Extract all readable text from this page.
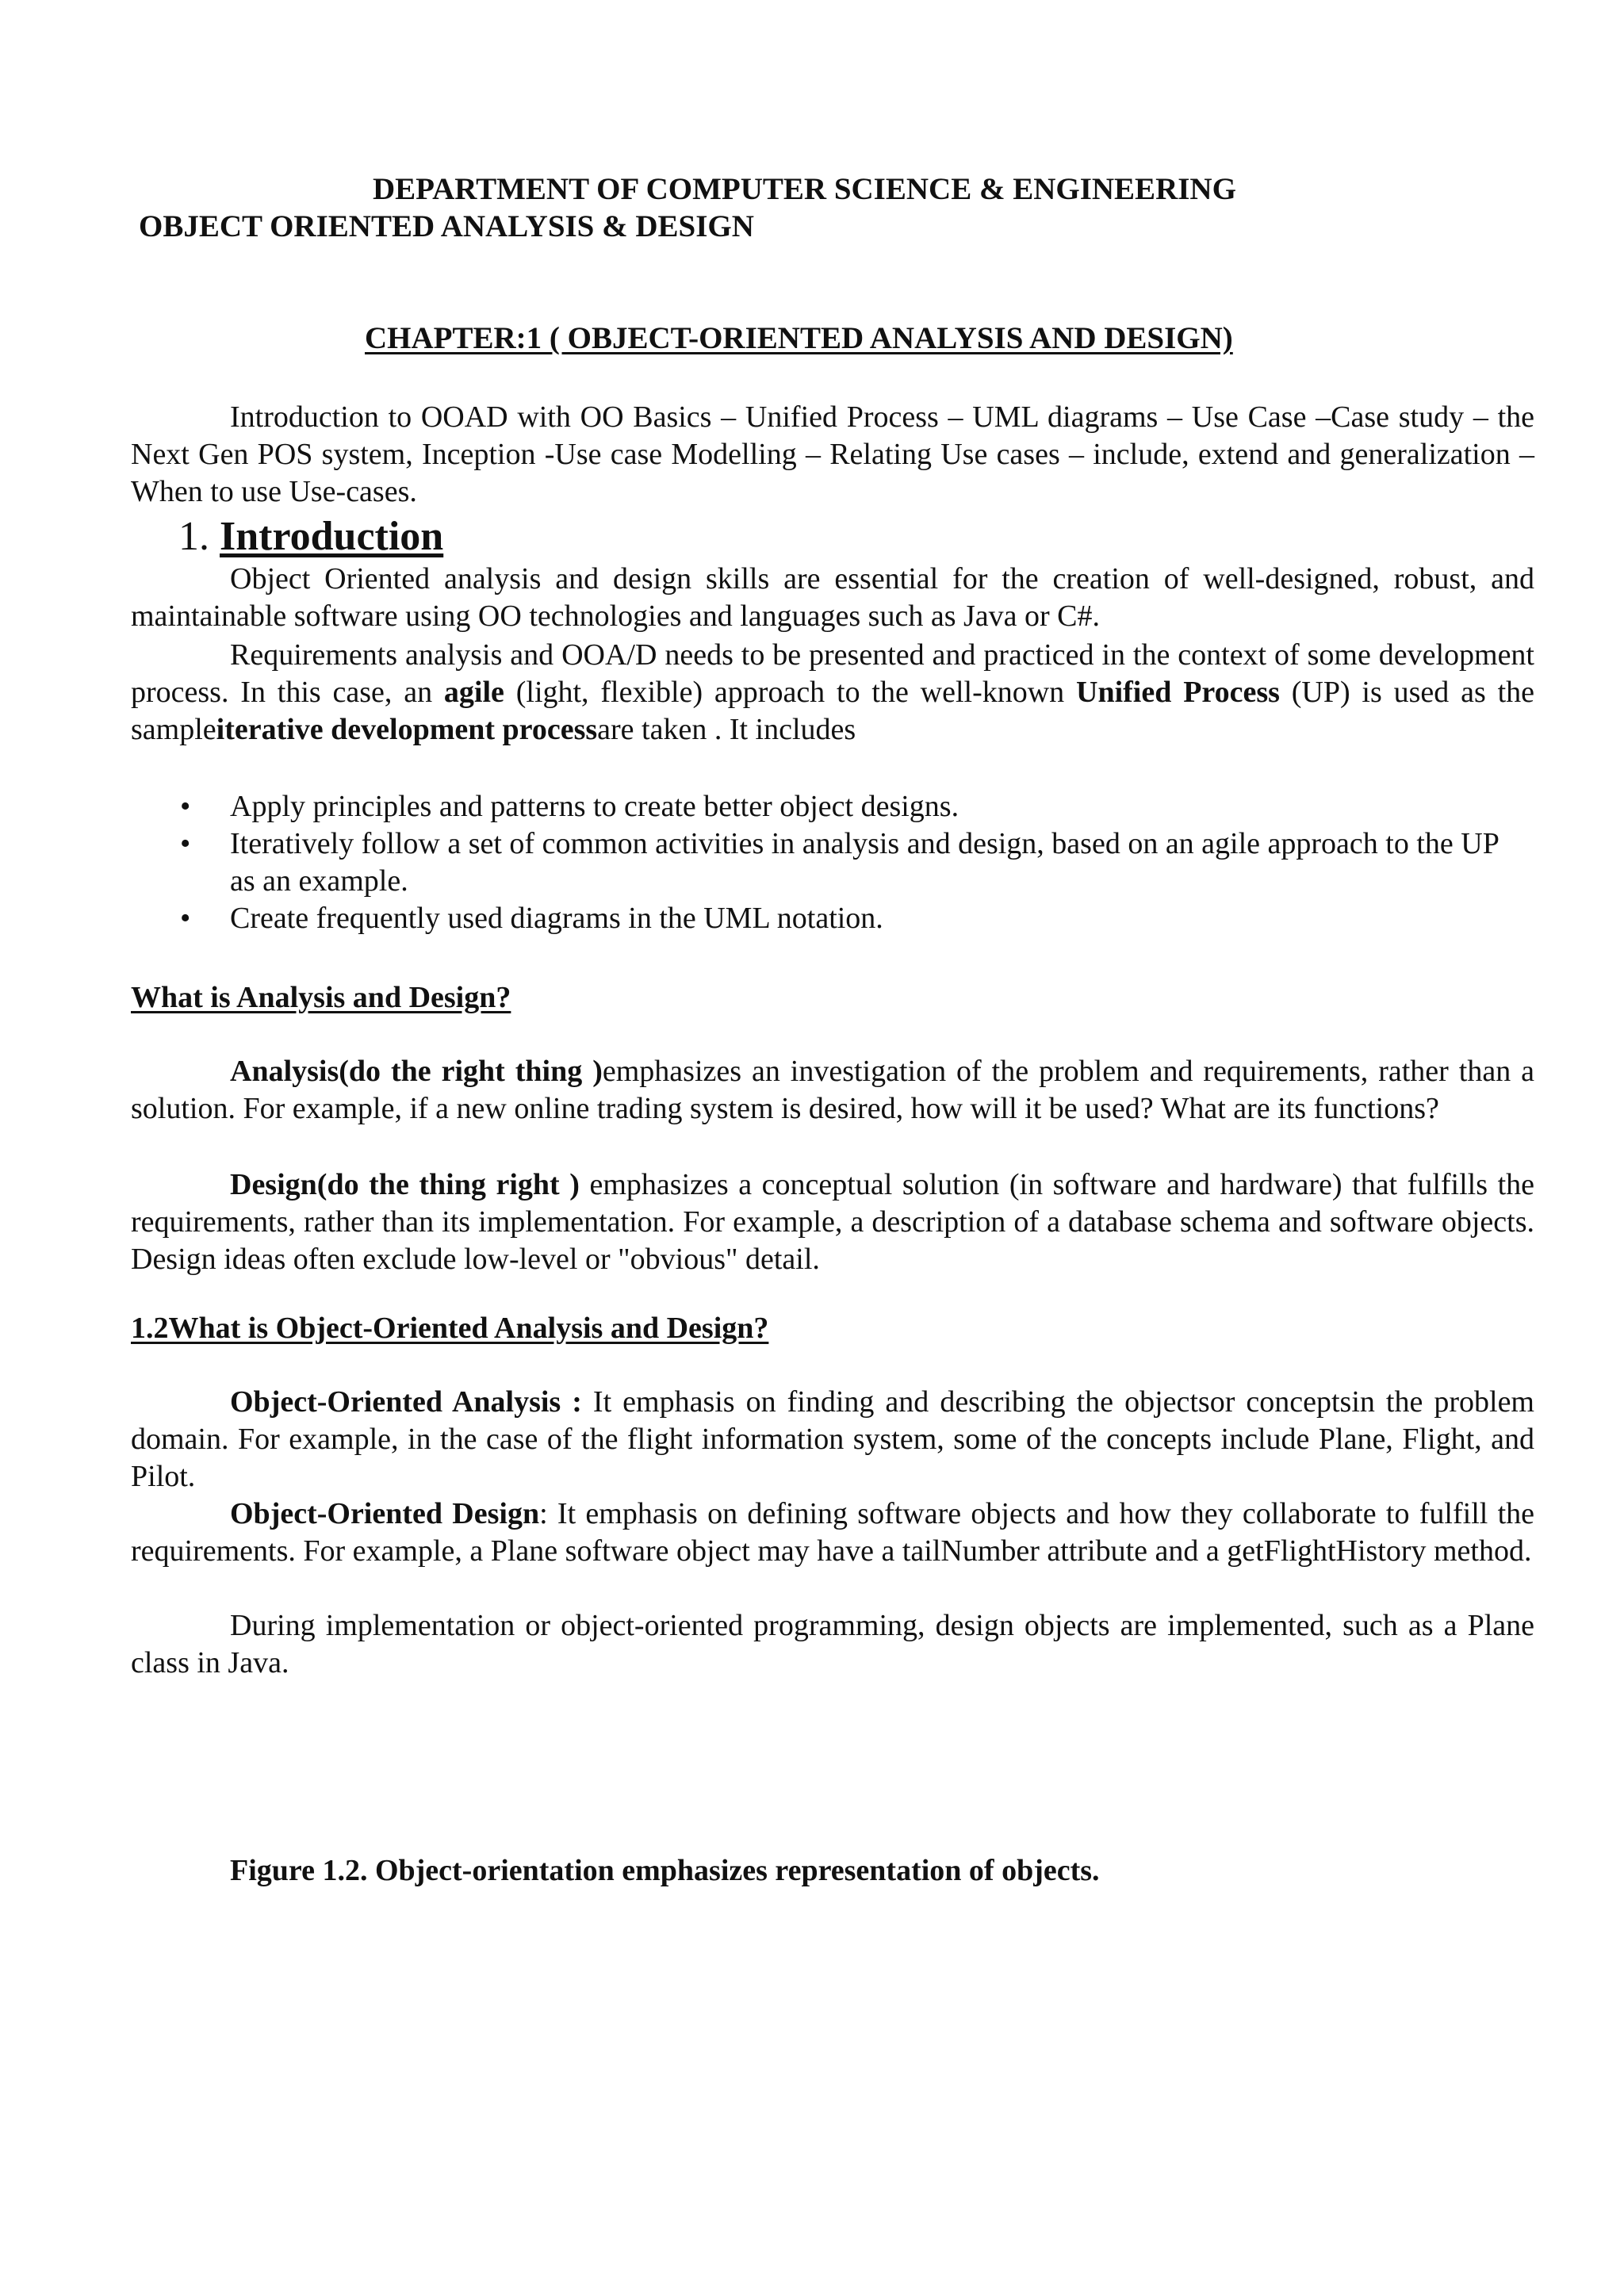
DEPARTMENT OF COMPUTER SCIENCE & ENGINEERING
OBJECT ORIENTED ANALYSIS & DESIGN
CHAPTER:1 ( OBJECT-ORIENTED ANALYSIS AND DESIGN)
Introduction to OOAD with OO Basics – Unified Process – UML diagrams – Use Case –Case study – the Next Gen POS system, Inception -Use case Modelling – Relating Use cases – include, extend and generalization – When to use Use-cases.
1. Introduction
Object Oriented analysis and design skills are essential for the creation of well-designed, robust, and maintainable software using OO technologies and languages such as Java or C#.
Requirements analysis and OOA/D needs to be presented and practiced in the context of some development process. In this case, an agile (light, flexible) approach to the well-known Unified Process (UP) is used as the sampleiterative development processare taken . It includes
• Apply principles and patterns to create better object designs.
• Iteratively follow a set of common activities in analysis and design, based on an agile approach to the UP as an example.
• Create frequently used diagrams in the UML notation.
What is Analysis and Design?
Analysis(do the right thing )emphasizes an investigation of the problem and requirements, rather than a solution. For example, if a new online trading system is desired, how will it be used? What are its functions?
Design(do the thing right ) emphasizes a conceptual solution (in software and hardware) that fulfills the requirements, rather than its implementation. For example, a description of a database schema and software objects. Design ideas often exclude low-level or "obvious" detail.
1.2What is Object-Oriented Analysis and Design?
Object-Oriented Analysis : It emphasis on finding and describing the objectsor conceptsin the problem domain. For example, in the case of the flight information system, some of the concepts include Plane, Flight, and Pilot.
Object-Oriented Design: It emphasis on defining software objects and how they collaborate to fulfill the requirements. For example, a Plane software object may have a tailNumber attribute and a getFlightHistory method.
During implementation or object-oriented programming, design objects are implemented, such as a Plane class in Java.
Figure 1.2. Object-orientation emphasizes representation of objects.
